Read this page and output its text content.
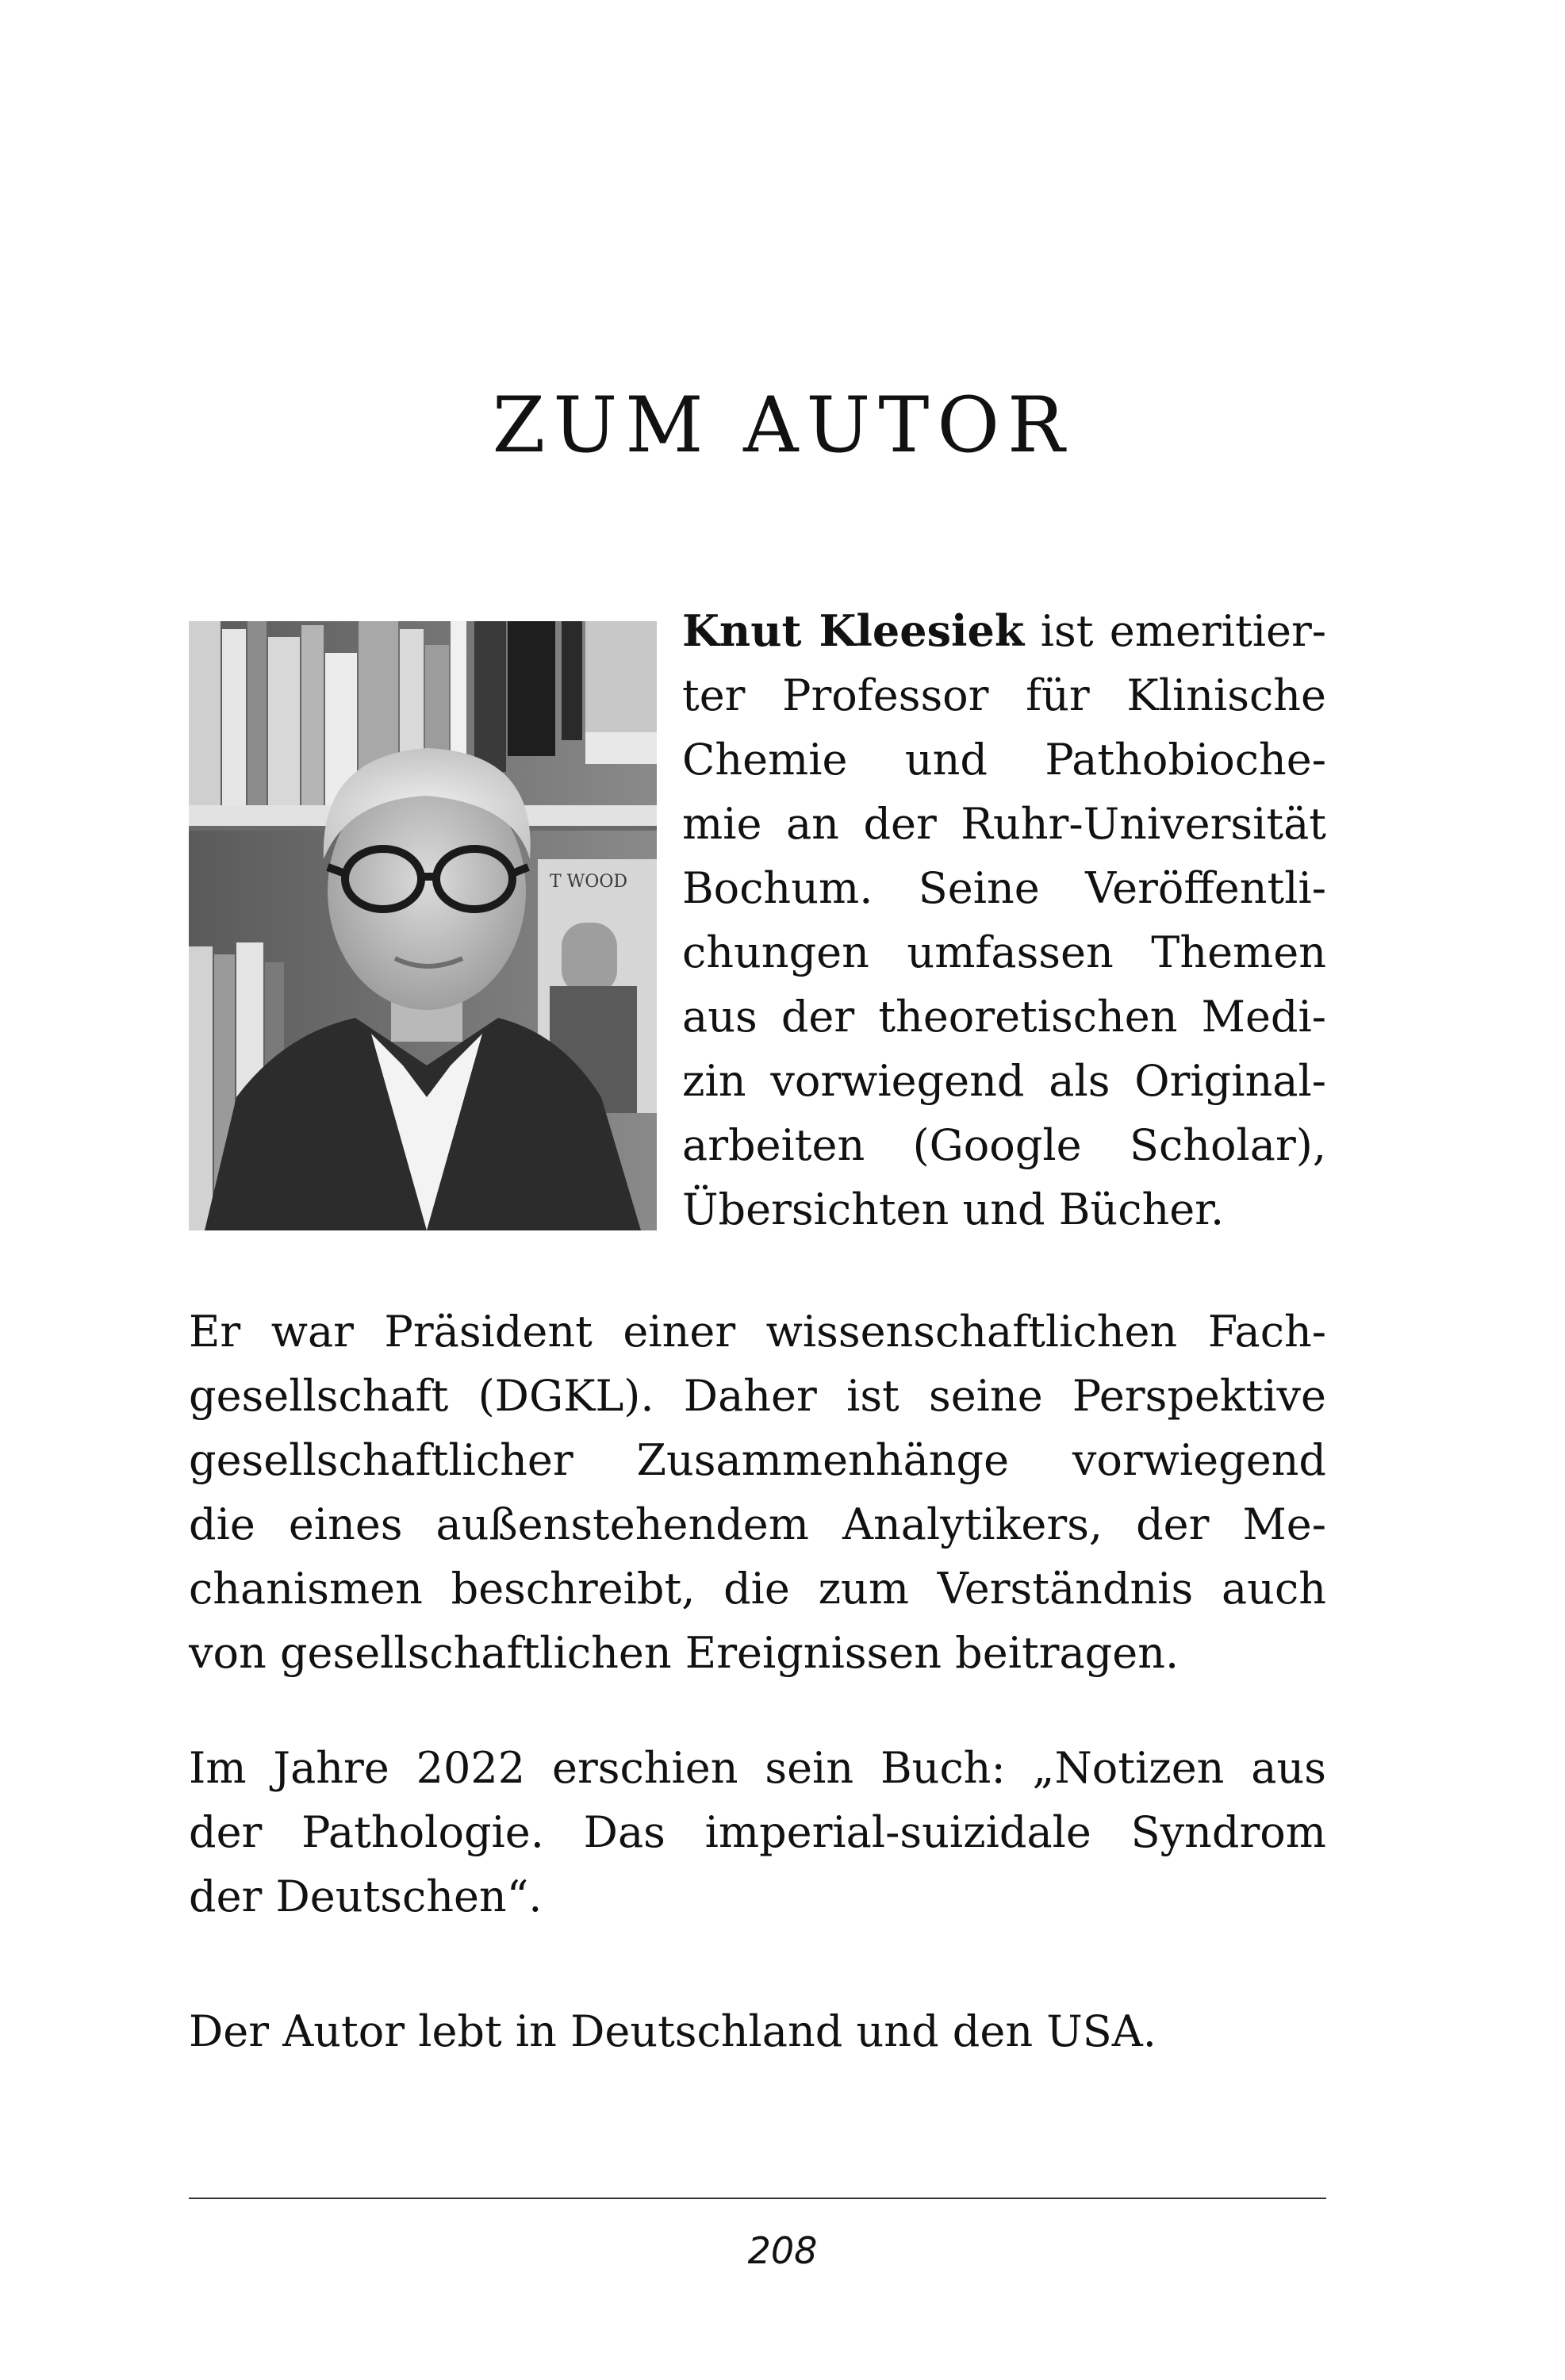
ZUM AUTOR
T WOOD
Knut Kleesiek ist emeritier-
ter Professor für Klinische
Chemie und Pathobioche-
mie an der Ruhr-Universität
Bochum. Seine Veröffentli-
chungen umfassen Themen
aus der theoretischen Medi-
zin vorwiegend als Original-
arbeiten (Google Scholar),
Übersichten und Bücher.
Er war Präsident einer wissenschaftlichen Fach-
gesellschaft (DGKL). Daher ist seine Perspektive
gesellschaftlicher Zusammenhänge vorwiegend
die eines außenstehendem Analytikers, der Me-
chanismen beschreibt, die zum Verständnis auch
von gesellschaftlichen Ereignissen beitragen.
Im Jahre 2022 erschien sein Buch: „Notizen aus
der Pathologie. Das imperial-suizidale Syndrom
der Deutschen“.
Der Autor lebt in Deutschland und den USA.
208
